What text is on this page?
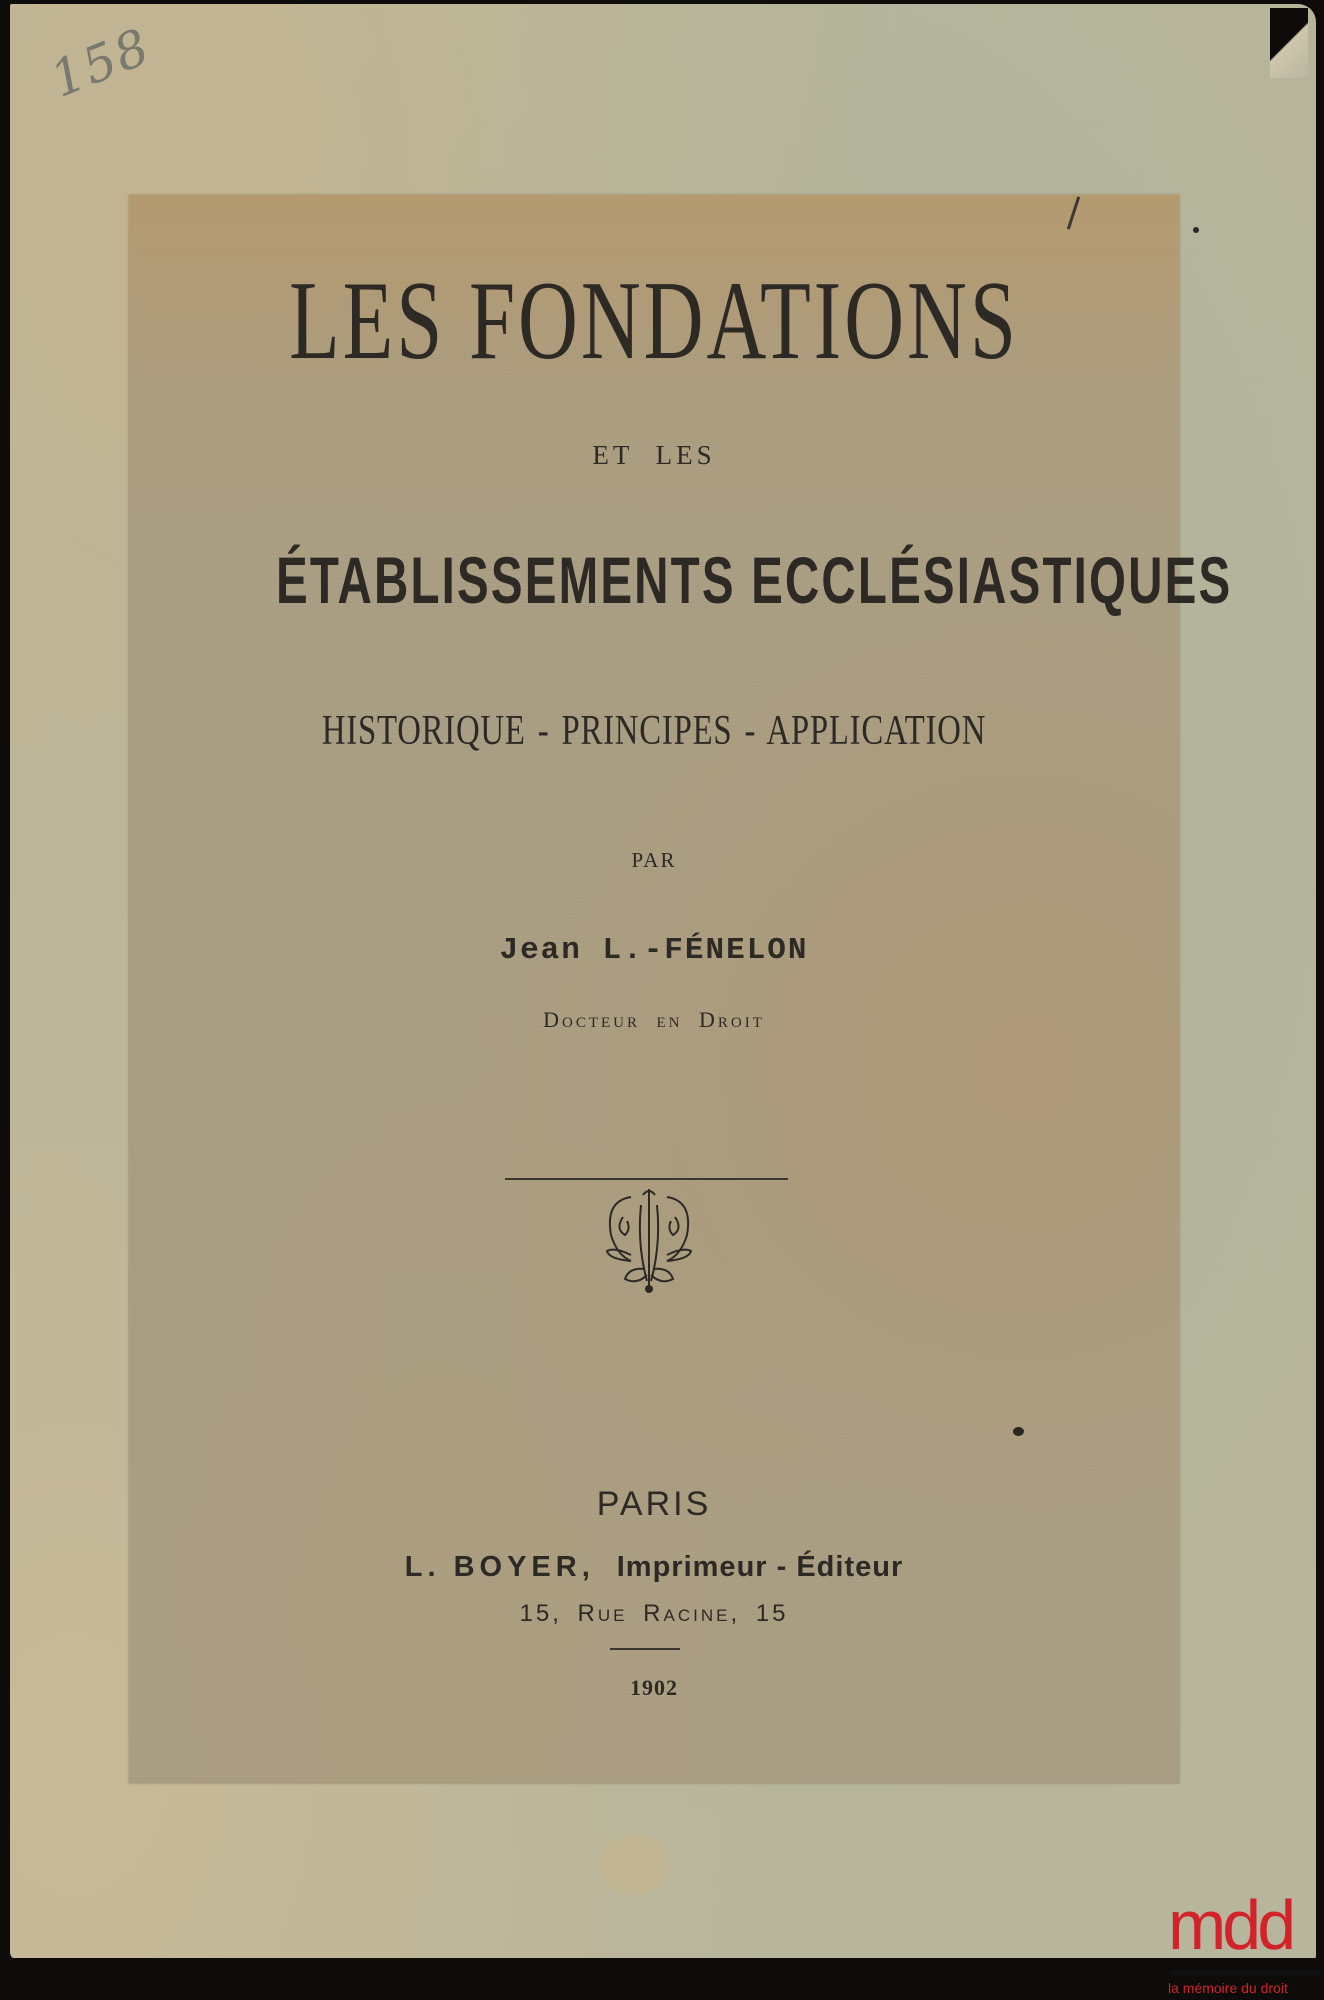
158
LES FONDATIONS
ET LES
ÉTABLISSEMENTS ECCLÉSIASTIQUES
HISTORIQUE - PRINCIPES - APPLICATION
PAR
Jean L.-FÉNELON
Docteur en Droit
PARIS
L. BOYER, Imprimeur - Éditeur
15, Rue Racine, 15
1902
mdd
la mémoire du droit
